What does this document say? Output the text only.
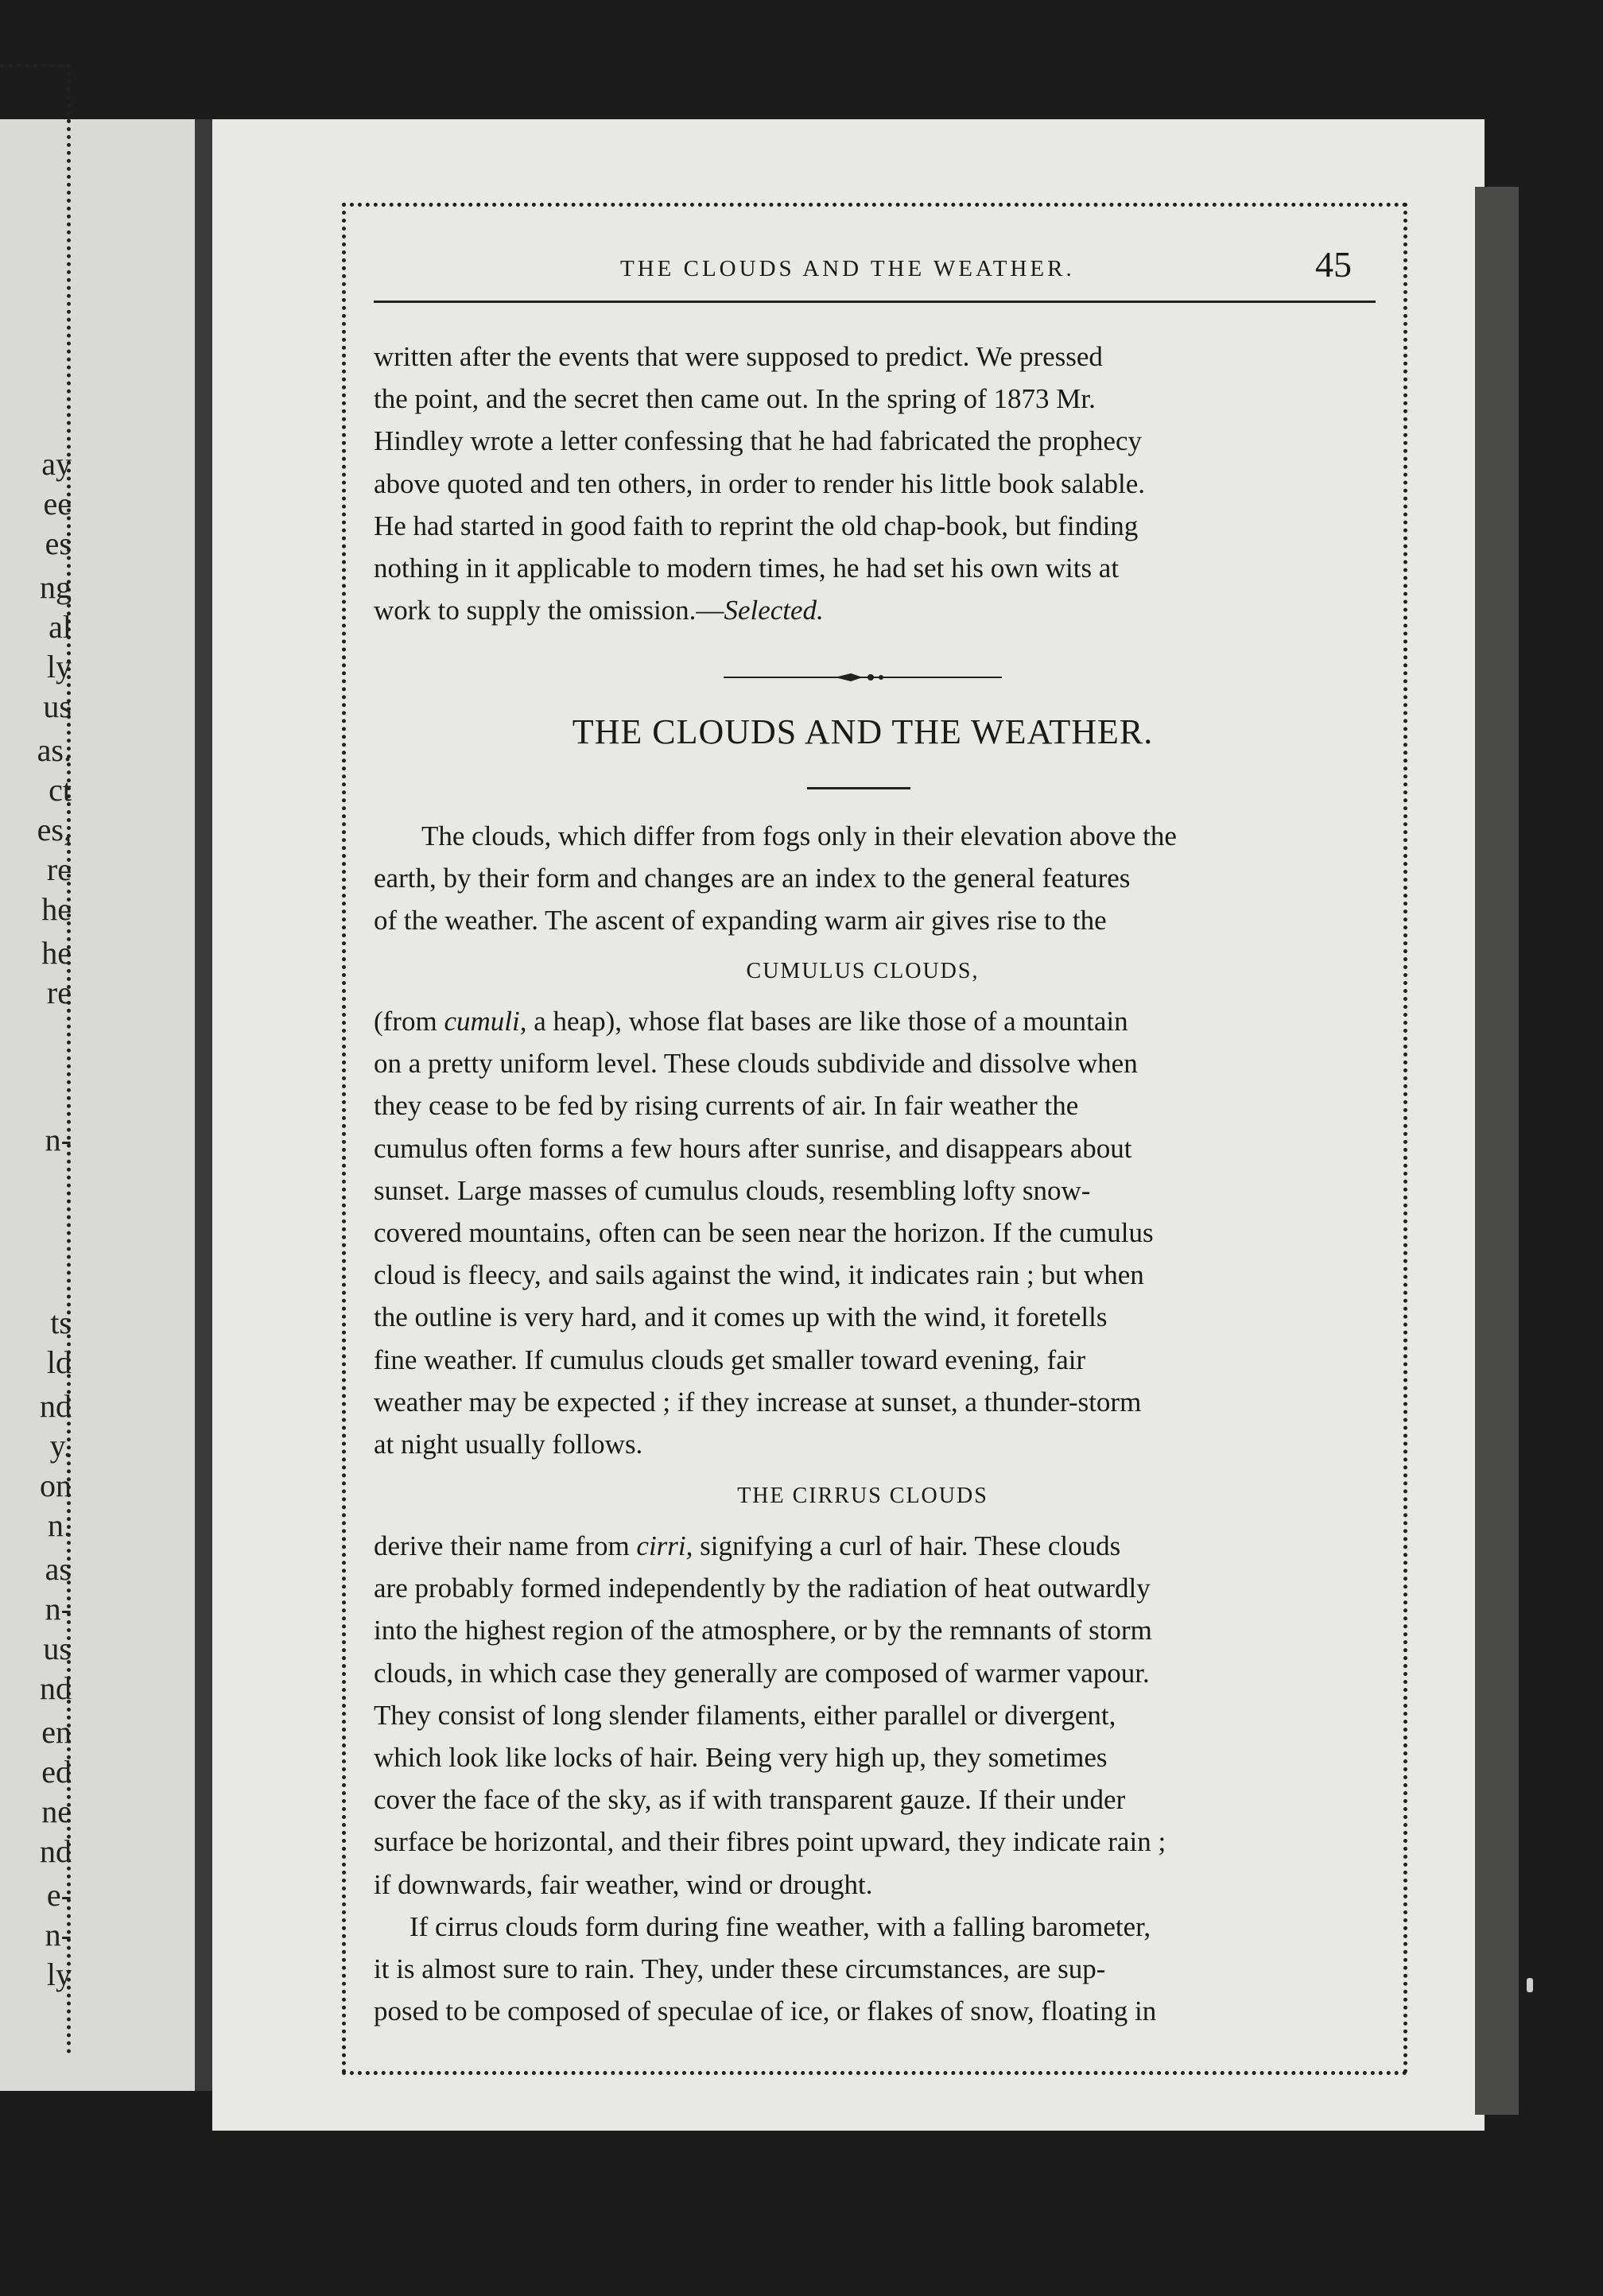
ay
ee
es
ng
al
ly
us
as.
ct
es,
re
he
he
re
n-
ts
ld
nd
y.
on
n.
as
n-
us
nd
en
ed
ne
nd
e-
n-
ly
THE CLOUDS AND THE WEATHER.	45
written after the events that were supposed to predict. We pressed
the point, and the secret then came out. In the spring of 1873 Mr.
Hindley wrote a letter confessing that he had fabricated the prophecy
above quoted and ten others, in order to render his little book salable.
He had started in good faith to reprint the old chap-book, but finding
nothing in it applicable to modern times, he had set his own wits at
work to supply the omission.—Selected.
THE CLOUDS AND THE WEATHER.
The clouds, which differ from fogs only in their elevation above the
earth, by their form and changes are an index to the general features
of the weather. The ascent of expanding warm air gives rise to the
CUMULUS CLOUDS,
(from cumuli, a heap), whose flat bases are like those of a mountain
on a pretty uniform level. These clouds subdivide and dissolve when
they cease to be fed by rising currents of air. In fair weather the
cumulus often forms a few hours after sunrise, and disappears about
sunset. Large masses of cumulus clouds, resembling lofty snow-
covered mountains, often can be seen near the horizon. If the cumulus
cloud is fleecy, and sails against the wind, it indicates rain ; but when
the outline is very hard, and it comes up with the wind, it foretells
fine weather. If cumulus clouds get smaller toward evening, fair
weather may be expected ; if they increase at sunset, a thunder-storm
at night usually follows.
THE CIRRUS CLOUDS
derive their name from cirri, signifying a curl of hair. These clouds
are probably formed independently by the radiation of heat outwardly
into the highest region of the atmosphere, or by the remnants of storm
clouds, in which case they generally are composed of warmer vapour.
They consist of long slender filaments, either parallel or divergent,
which look like locks of hair. Being very high up, they sometimes
cover the face of the sky, as if with transparent gauze. If their under
surface be horizontal, and their fibres point upward, they indicate rain ;
if downwards, fair weather, wind or drought.
If cirrus clouds form during fine weather, with a falling barometer,
it is almost sure to rain. They, under these circumstances, are sup-
posed to be composed of speculae of ice, or flakes of snow, floating in
